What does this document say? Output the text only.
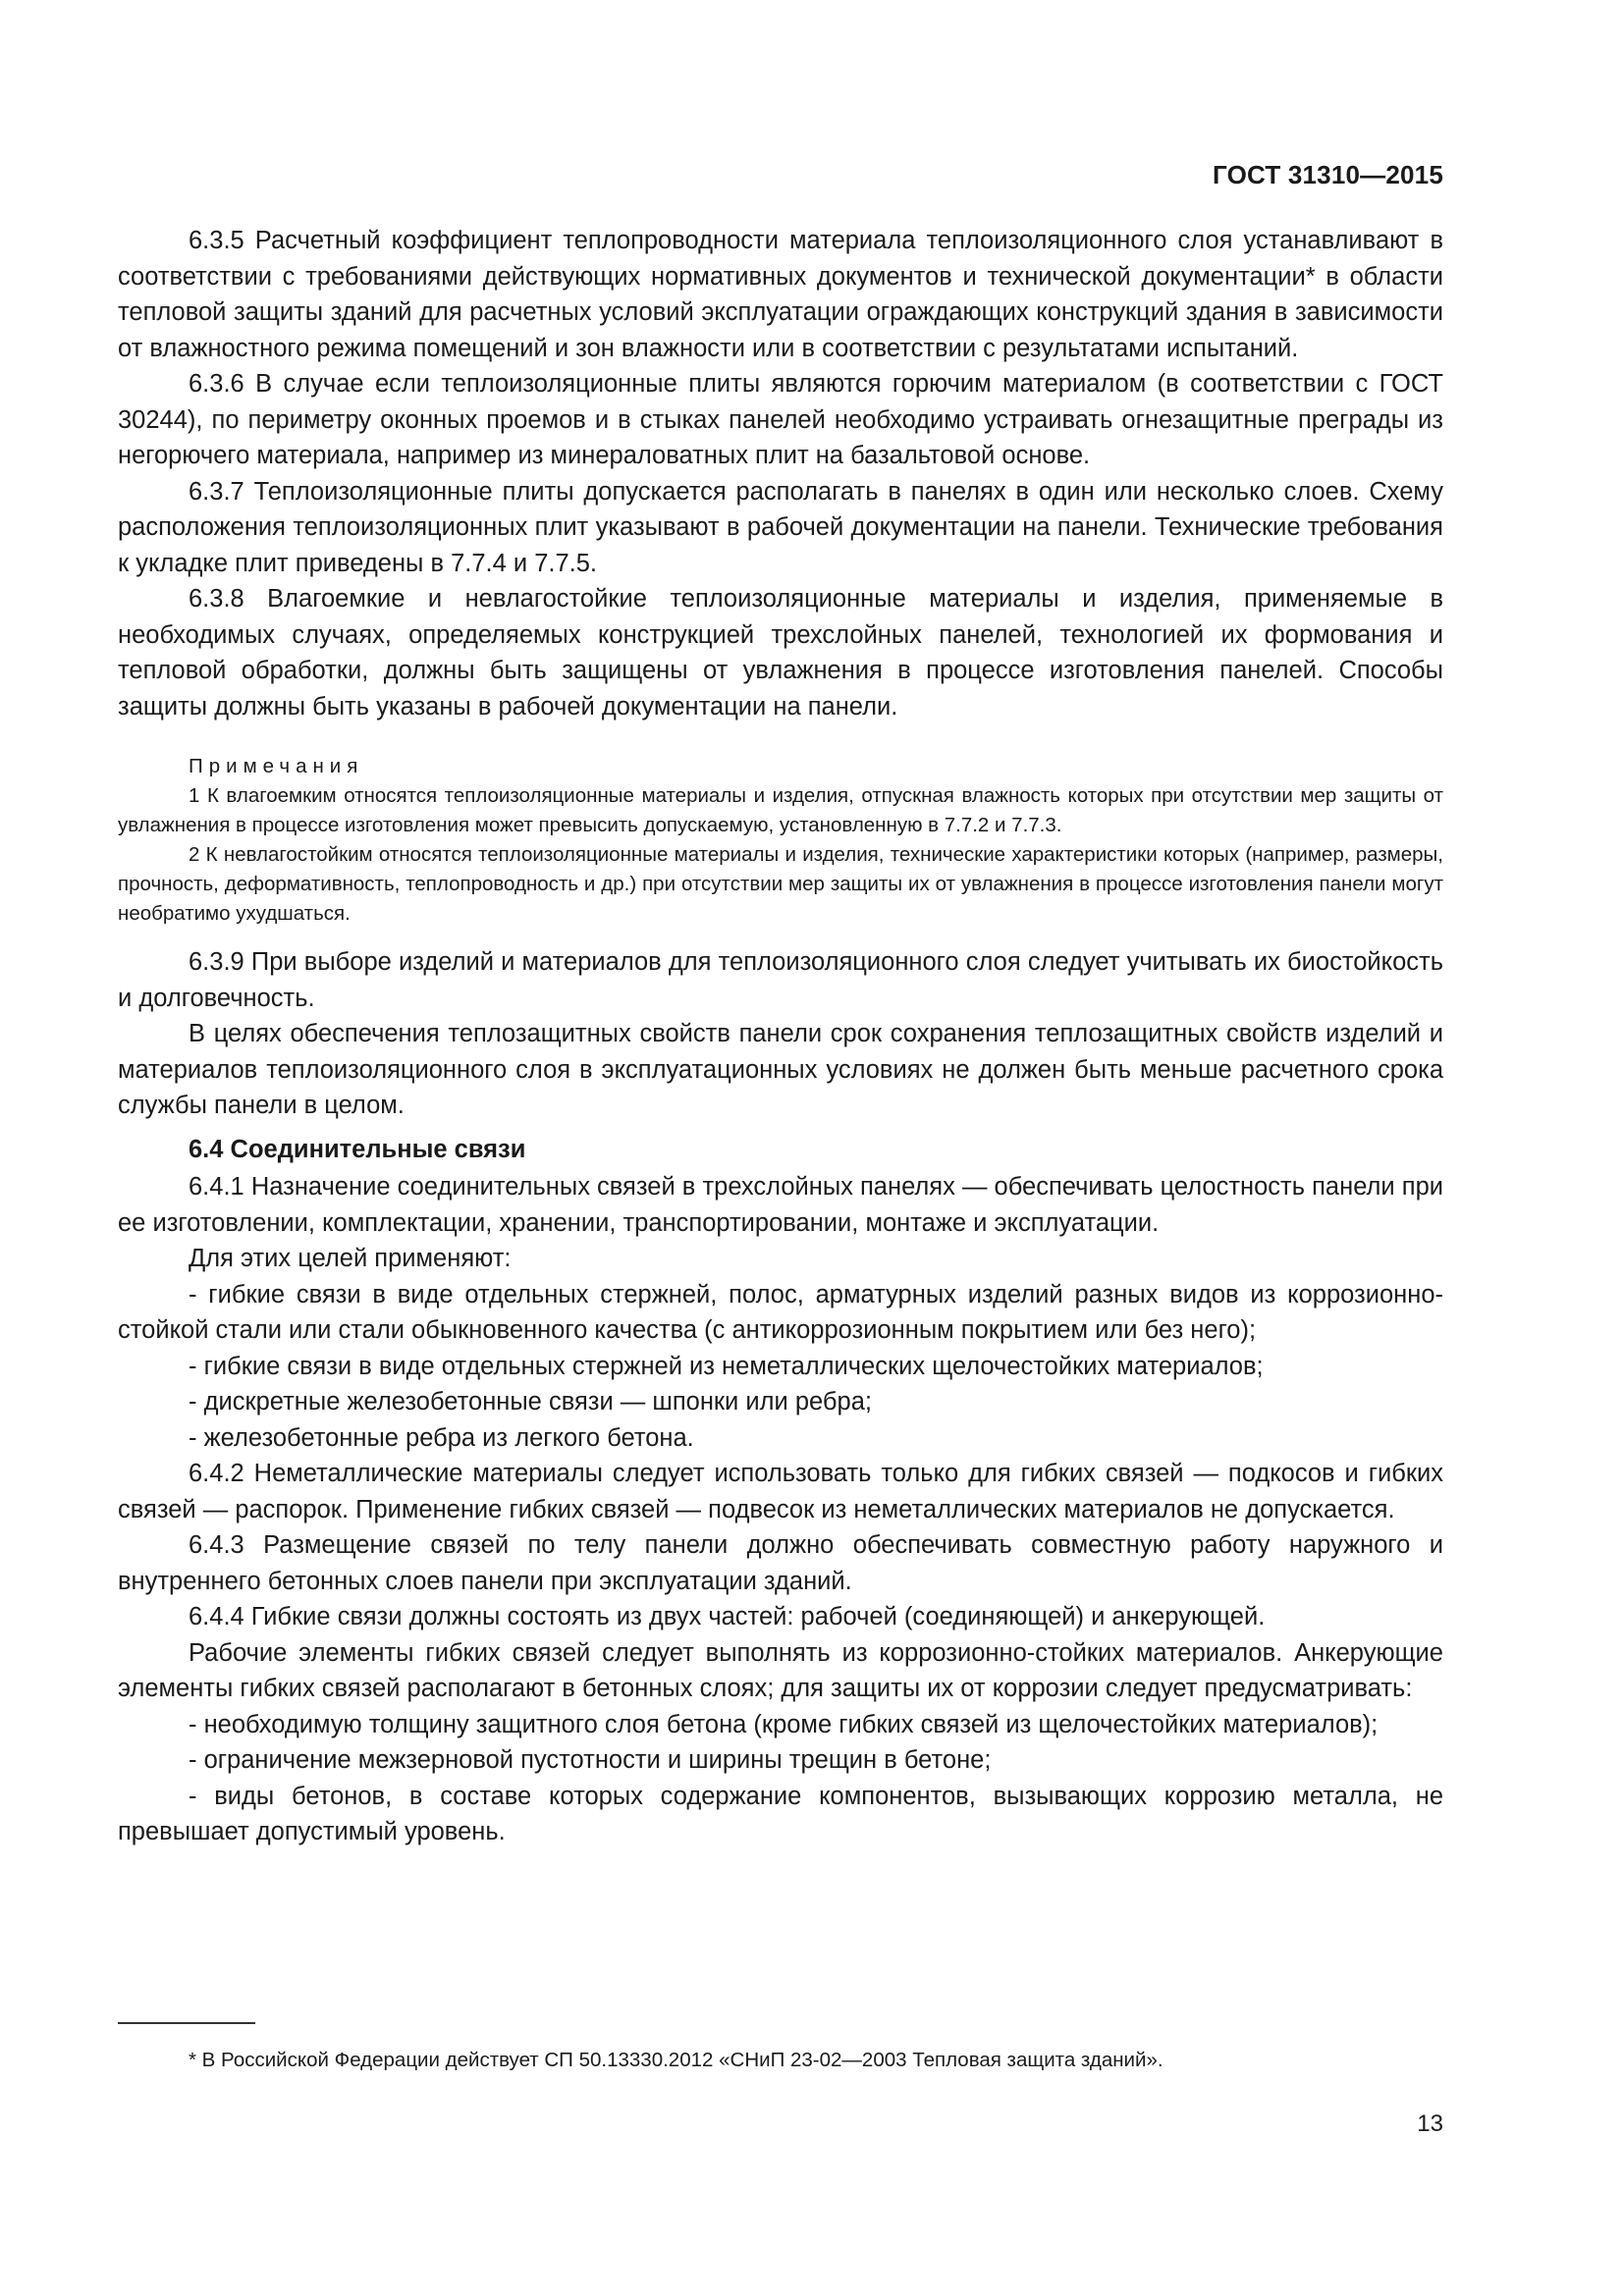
ГОСТ 31310—2015

6.3.5 Расчетный коэффициент теплопроводности материала теплоизоляционного слоя устанавливают в соответствии с требованиями действующих нормативных документов и технической документации* в области тепловой защиты зданий для расчетных условий эксплуатации ограждающих конструкций здания в зависимости от влажностного режима помещений и зон влажности или в соответствии с результатами испытаний.

6.3.6 В случае если теплоизоляционные плиты являются горючим материалом (в соответствии с ГОСТ 30244), по периметру оконных проемов и в стыках панелей необходимо устраивать огнезащитные преграды из негорючего материала, например из минераловатных плит на базальтовой основе.

6.3.7 Теплоизоляционные плиты допускается располагать в панелях в один или несколько слоев. Схему расположения теплоизоляционных плит указывают в рабочей документации на панели. Технические требования к укладке плит приведены в 7.7.4 и 7.7.5.

6.3.8 Влагоемкие и невлагостойкие теплоизоляционные материалы и изделия, применяемые в необходимых случаях, определяемых конструкцией трехслойных панелей, технологией их формования и тепловой обработки, должны быть защищены от увлажнения в процессе изготовления панелей. Способы защиты должны быть указаны в рабочей документации на панели.

Примечания

1 К влагоемким относятся теплоизоляционные материалы и изделия, отпускная влажность которых при отсутствии мер защиты от увлажнения в процессе изготовления может превысить допускаемую, установленную в 7.7.2 и 7.7.3.

2 К невлагостойким относятся теплоизоляционные материалы и изделия, технические характеристики которых (например, размеры, прочность, деформативность, теплопроводность и др.) при отсутствии мер защиты их от увлажнения в процессе изготовления панели могут необратимо ухудшаться.

6.3.9 При выборе изделий и материалов для теплоизоляционного слоя следует учитывать их биостойкость и долговечность.

В целях обеспечения теплозащитных свойств панели срок сохранения теплозащитных свойств изделий и материалов теплоизоляционного слоя в эксплуатационных условиях не должен быть меньше расчетного срока службы панели в целом.

6.4 Соединительные связи

6.4.1 Назначение соединительных связей в трехслойных панелях — обеспечивать целостность панели при ее изготовлении, комплектации, хранении, транспортировании, монтаже и эксплуатации.

Для этих целей применяют:

- гибкие связи в виде отдельных стержней, полос, арматурных изделий разных видов из коррозионно-стойкой стали или стали обыкновенного качества (с антикоррозионным покрытием или без него);

- гибкие связи в виде отдельных стержней из неметаллических щелочестойких материалов;

- дискретные железобетонные связи — шпонки или ребра;

- железобетонные ребра из легкого бетона.

6.4.2 Неметаллические материалы следует использовать только для гибких связей — подкосов и гибких связей — распорок. Применение гибких связей — подвесок из неметаллических материалов не допускается.

6.4.3 Размещение связей по телу панели должно обеспечивать совместную работу наружного и внутреннего бетонных слоев панели при эксплуатации зданий.

6.4.4 Гибкие связи должны состоять из двух частей: рабочей (соединяющей) и анкерующей.

Рабочие элементы гибких связей следует выполнять из коррозионно-стойких материалов. Анкерующие элементы гибких связей располагают в бетонных слоях; для защиты их от коррозии следует предусматривать:

- необходимую толщину защитного слоя бетона (кроме гибких связей из щелочестойких материалов);

- ограничение межзерновой пустотности и ширины трещин в бетоне;

- виды бетонов, в составе которых содержание компонентов, вызывающих коррозию металла, не превышает допустимый уровень.

* В Российской Федерации действует СП 50.13330.2012 «СНиП 23-02—2003 Тепловая защита зданий».
13
